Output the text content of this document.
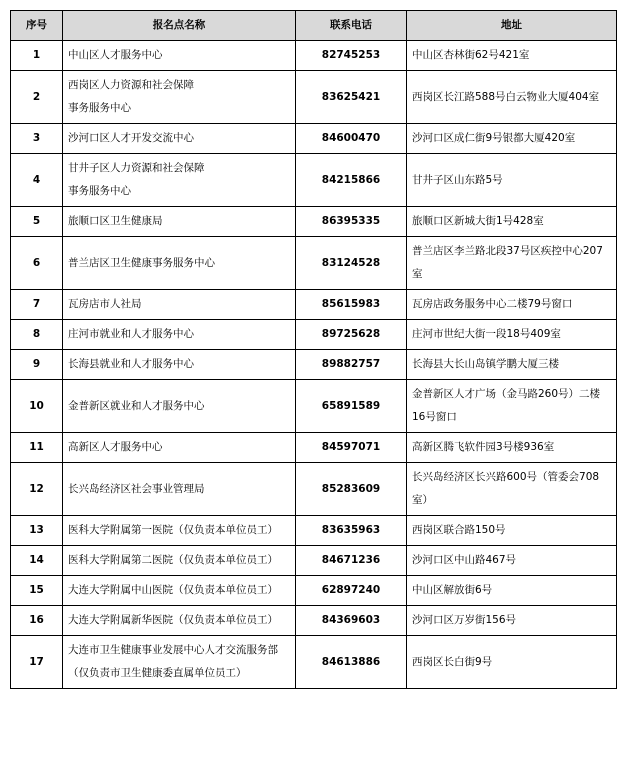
序号	报名点名称	联系电话	地址
1	中山区人才服务中心	82745253	中山区杏林街62号421室
2	西岗区人力资源和社会保障
事务服务中心	83625421	西岗区长江路588号白云物业大厦404室
3	沙河口区人才开发交流中心	84600470	沙河口区成仁街9号银都大厦420室
4	甘井子区人力资源和社会保障
事务服务中心	84215866	甘井子区山东路5号
5	旅顺口区卫生健康局	86395335	旅顺口区新城大街1号428室
6	普兰店区卫生健康事务服务中心	83124528	普兰店区李兰路北段37号区疾控中心207室
7	瓦房店市人社局	85615983	瓦房店政务服务中心二楼79号窗口
8	庄河市就业和人才服务中心	89725628	庄河市世纪大街一段18号409室
9	长海县就业和人才服务中心	89882757	长海县大长山岛镇学鹏大厦三楼
10	金普新区就业和人才服务中心	65891589	金普新区人才广场（金马路260号）二楼16号窗口
11	高新区人才服务中心	84597071	高新区腾飞软件园3号楼936室
12	长兴岛经济区社会事业管理局	85283609	长兴岛经济区长兴路600号（管委会708室）
13	医科大学附属第一医院（仅负责本单位员工）	83635963	西岗区联合路150号
14	医科大学附属第二医院（仅负责本单位员工）	84671236	沙河口区中山路467号
15	大连大学附属中山医院（仅负责本单位员工）	62897240	中山区解放街6号
16	大连大学附属新华医院（仅负责本单位员工）	84369603	沙河口区万岁街156号
17	大连市卫生健康事业发展中心人才交流服务部（仅负责市卫生健康委直属单位员工）	84613886	西岗区长白街9号
